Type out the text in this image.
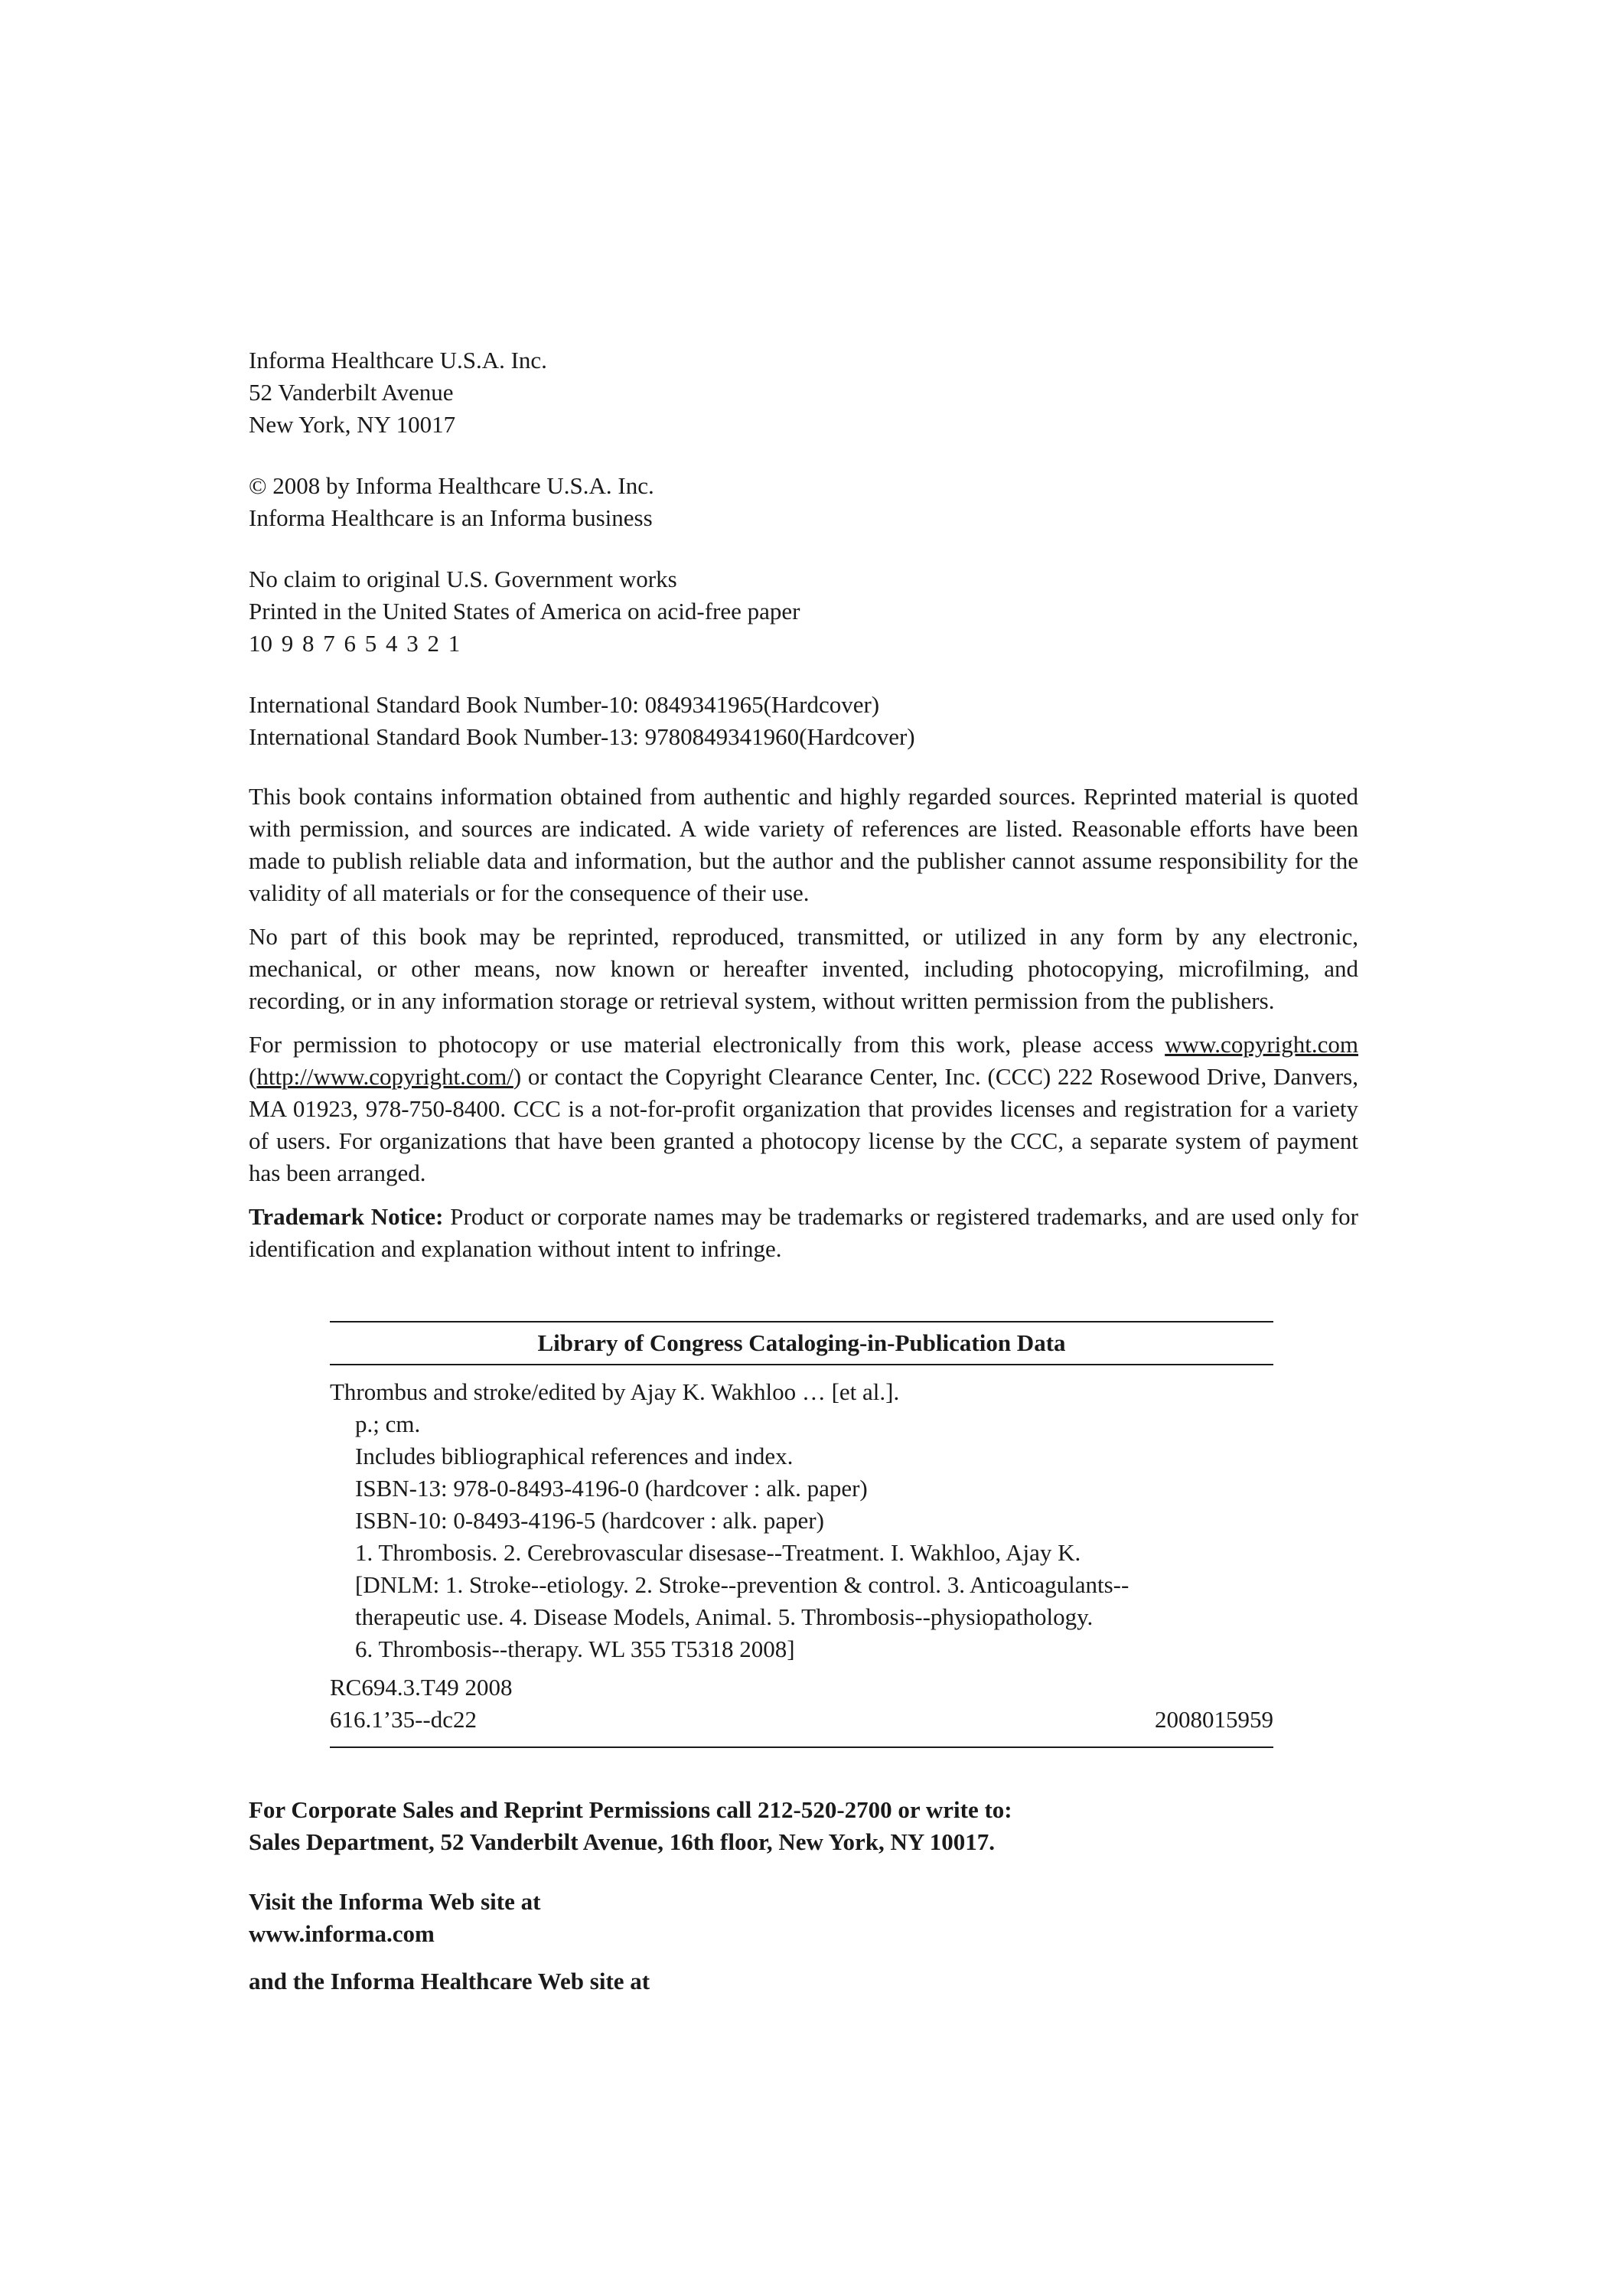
Informa Healthcare U.S.A. Inc.

52 Vanderbilt Avenue

New York, NY 10017

© 2008 by Informa Healthcare U.S.A. Inc.

Informa Healthcare is an Informa business

No claim to original U.S. Government works

Printed in the United States of America on acid-free paper

10 9 8 7 6 5 4 3 2 1

International Standard Book Number-10: 0849341965(Hardcover)

International Standard Book Number-13: 9780849341960(Hardcover)

This book contains information obtained from authentic and highly regarded sources. Reprinted material is quoted with permission, and sources are indicated. A wide variety of references are listed. Reasonable efforts have been made to publish reliable data and information, but the author and the publisher cannot assume responsibility for the validity of all materials or for the consequence of their use.

No part of this book may be reprinted, reproduced, transmitted, or utilized in any form by any electronic, mechanical, or other means, now known or hereafter invented, including photocopying, microfilming, and recording, or in any information storage or retrieval system, without written permission from the publishers.

For permission to photocopy or use material electronically from this work, please access www.copyright.com (http://www.copyright.com/) or contact the Copyright Clearance Center, Inc. (CCC) 222 Rosewood Drive, Danvers, MA 01923, 978-750-8400. CCC is a not-for-profit organization that provides licenses and registration for a variety of users. For organizations that have been granted a photocopy license by the CCC, a separate system of payment has been arranged.

Trademark Notice: Product or corporate names may be trademarks or registered trademarks, and are used only for identification and explanation without intent to infringe.

Library of Congress Cataloging-in-Publication Data

Thrombus and stroke/edited by Ajay K. Wakhloo … [et al.].

p.; cm.

Includes bibliographical references and index.

ISBN-13: 978-0-8493-4196-0 (hardcover : alk. paper)

ISBN-10: 0-8493-4196-5 (hardcover : alk. paper)

1. Thrombosis. 2. Cerebrovascular disesase--Treatment. I. Wakhloo, Ajay K.

[DNLM: 1. Stroke--etiology. 2. Stroke--prevention & control. 3. Anticoagulants--

therapeutic use. 4. Disease Models, Animal. 5. Thrombosis--physiopathology.

6. Thrombosis--therapy. WL 355 T5318 2008]

RC694.3.T49 2008

616.1’35--dc22	2008015959

For Corporate Sales and Reprint Permissions call 212-520-2700 or write to:

Sales Department, 52 Vanderbilt Avenue, 16th floor, New York, NY 10017.

Visit the Informa Web site at

www.informa.com

and the Informa Healthcare Web site at
